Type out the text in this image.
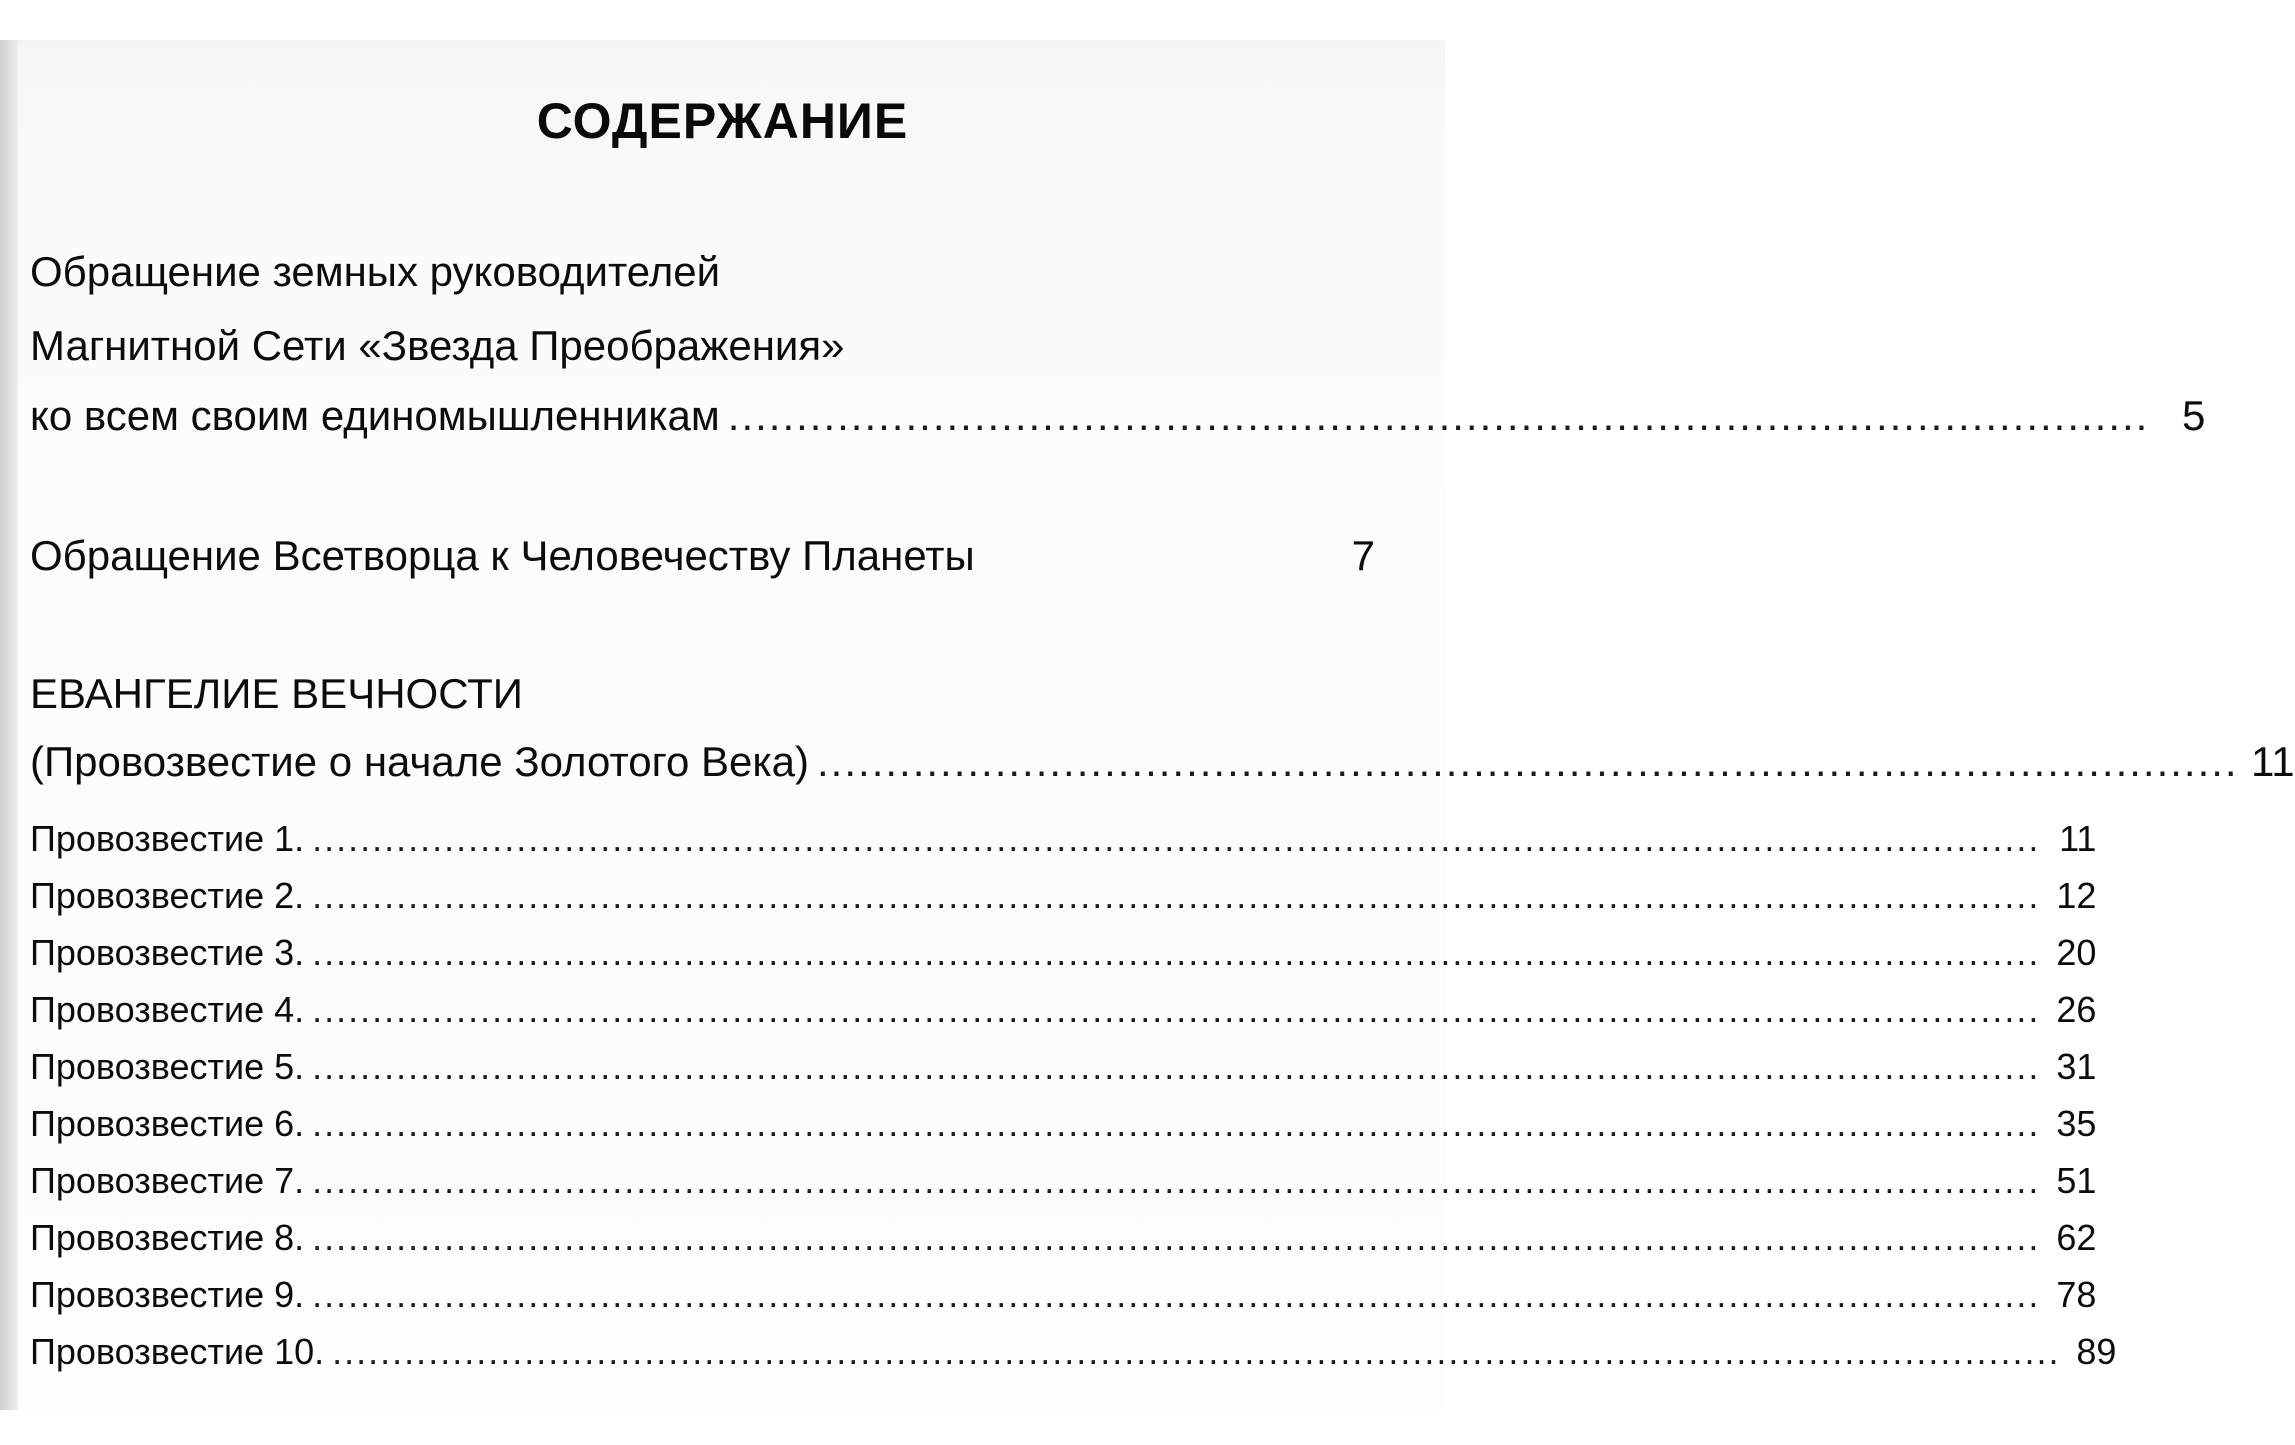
СОДЕРЖАНИЕ
Обращение земных руководителей
Магнитной Сети «Звезда Преображения»
ко всем своим единомышленникам ........................................................................................................ 5
Обращение Всетворца к Человечеству Планеты	7
ЕВАНГЕЛИЕ ВЕЧНОСТИ
(Провозвестие о начале Золотого Века) ........................................................................................................ 11
Провозвестие 1. ................................................................................................................................................ 11
Провозвестие 2. ................................................................................................................................................ 12
Провозвестие 3. ................................................................................................................................................ 20
Провозвестие 4. ................................................................................................................................................ 26
Провозвестие 5. ................................................................................................................................................ 31
Провозвестие 6. ................................................................................................................................................ 35
Провозвестие 7. ................................................................................................................................................ 51
Провозвестие 8. ................................................................................................................................................ 62
Провозвестие 9. ................................................................................................................................................ 78
Провозвестие 10. ................................................................................................................................................ 89
